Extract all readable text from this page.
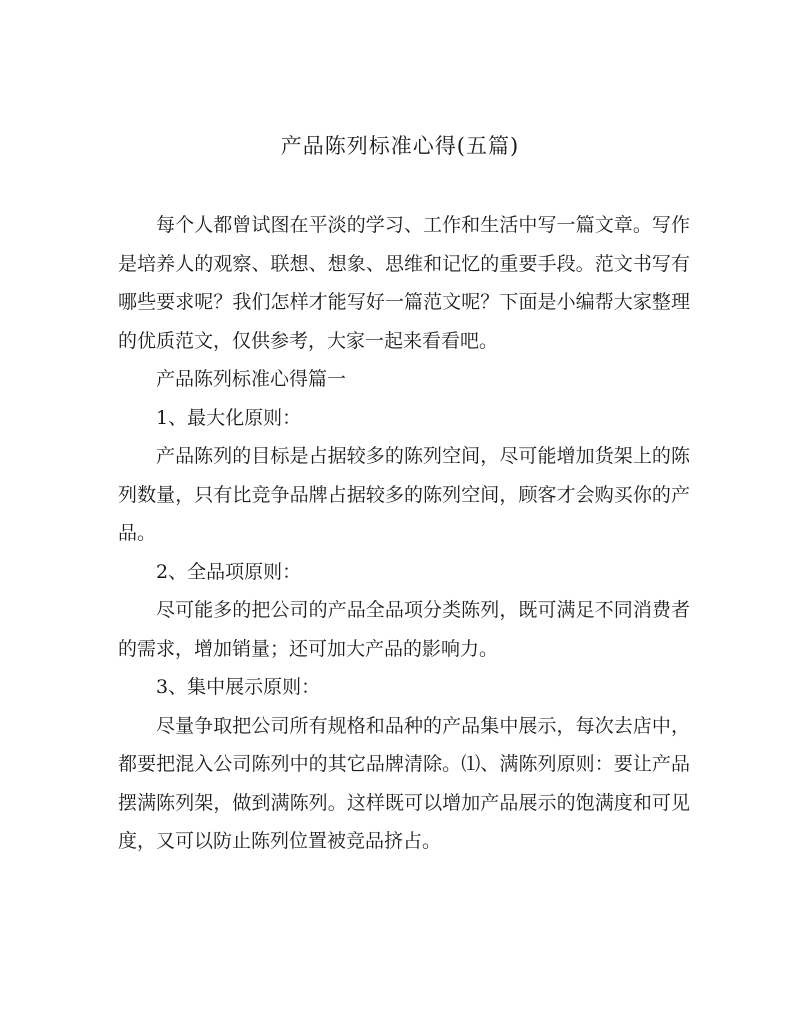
产品陈列标准心得(五篇)

每个人都曾试图在平淡的学习、工作和生活中写一篇文章。写作是培养人的观察、联想、想象、思维和记忆的重要手段。范文书写有哪些要求呢？我们怎样才能写好一篇范文呢？下面是小编帮大家整理的优质范文，仅供参考，大家一起来看看吧。

产品陈列标准心得篇一

1、最大化原则：

产品陈列的目标是占据较多的陈列空间，尽可能增加货架上的陈列数量，只有比竞争品牌占据较多的陈列空间，顾客才会购买你的产品。

2、全品项原则：

尽可能多的把公司的产品全品项分类陈列，既可满足不同消费者的需求，增加销量；还可加大产品的影响力。

3、集中展示原则：

尽量争取把公司所有规格和品种的产品集中展示，每次去店中，都要把混入公司陈列中的其它品牌清除。⑴、满陈列原则：要让产品摆满陈列架，做到满陈列。这样既可以增加产品展示的饱满度和可见度，又可以防止陈列位置被竞品挤占。
